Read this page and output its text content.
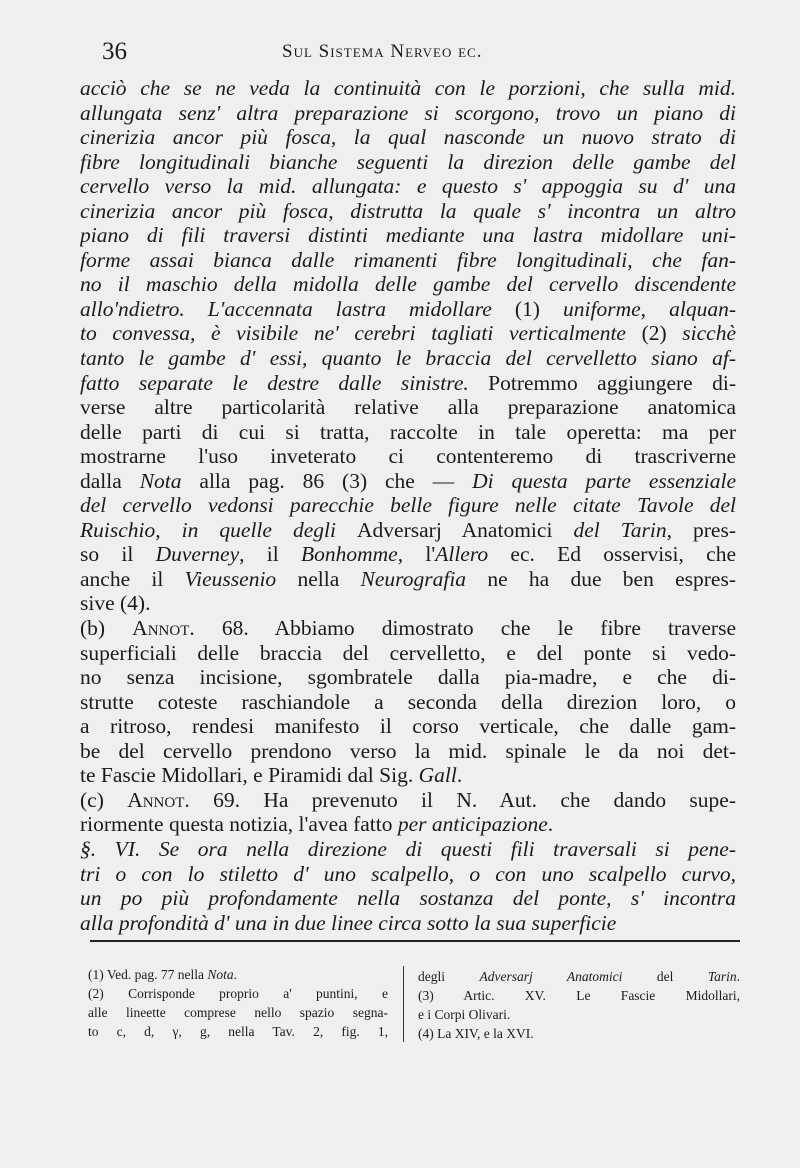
36	Sul Sistema Nerveo ec.
acciò che se ne veda la continuità con le porzioni, che sulla mid.
allungata senz' altra preparazione si scorgono, trovo un piano di
cinerizia ancor più fosca, la qual nasconde un nuovo strato di
fibre longitudinali bianche seguenti la direzion delle gambe del
cervello verso la mid. allungata: e questo s' appoggia su d' una
cinerizia ancor più fosca, distrutta la quale s' incontra un altro
piano di fili traversi distinti mediante una lastra midollare uni-
forme assai bianca dalle rimanenti fibre longitudinali, che fan-
no il maschio della midolla delle gambe del cervello discendente
allo'ndietro. L'accennata lastra midollare (1) uniforme, alquan-
to convessa, è visibile ne' cerebri tagliati verticalmente (2) sicchè
tanto le gambe d' essi, quanto le braccia del cervelletto siano af-
fatto separate le destre dalle sinistre. Potremmo aggiungere di-
verse altre particolarità relative alla preparazione anatomica
delle parti di cui si tratta, raccolte in tale operetta: ma per
mostrarne l'uso inveterato ci contenteremo di trascriverne
dalla Nota alla pag. 86 (3) che — Di questa parte essenziale
del cervello vedonsi parecchie belle figure nelle citate Tavole del
Ruischio, in quelle degli Adversarj Anatomici del Tarin, pres-
so il Duverney, il Bonhomme, l'Allero ec. Ed osservisi, che
anche il Vieussenio nella Neurografia ne ha due ben espres-
sive (4).
(b) Annot. 68. Abbiamo dimostrato che le fibre traverse
superficiali delle braccia del cervelletto, e del ponte si vedo-
no senza incisione, sgombratele dalla pia-madre, e che di-
strutte coteste raschiandole a seconda della direzion loro, o
a ritroso, rendesi manifesto il corso verticale, che dalle gam-
be del cervello prendono verso la mid. spinale le da noi det-
te Fascie Midollari, e Piramidi dal Sig. Gall.
(c) Annot. 69. Ha prevenuto il N. Aut. che dando supe-
riormente questa notizia, l'avea fatto per anticipazione.
§. VI. Se ora nella direzione di questi fili traversali si pene-
tri o con lo stiletto d' uno scalpello, o con uno scalpello curvo,
un po più profondamente nella sostanza del ponte, s' incontra
alla profondità d' una in due linee circa sotto la sua superficie
(1) Ved. pag. 77 nella Nota.
(2) Corrisponde proprio a' puntini, e
alle lineette comprese nello spazio segna-
to c, d, γ, g, nella Tav. 2, fig. 1,
degli Adversarj Anatomici del Tarin.
(3) Artic. XV. Le Fascie Midollari,
e i Corpi Olivari.
(4) La XIV, e la XVI.
